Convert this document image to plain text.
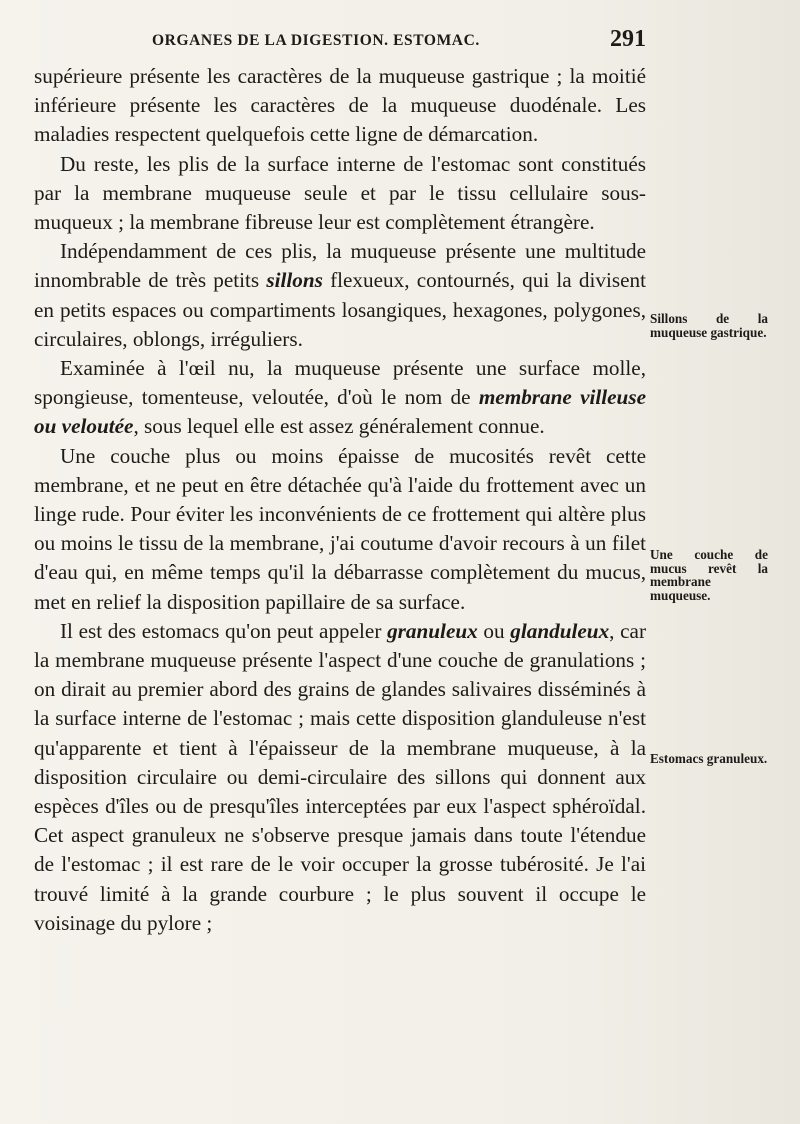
ORGANES DE LA DIGESTION. ESTOMAC.	291

supérieure présente les caractères de la muqueuse gastrique ; la moitié inférieure présente les caractères de la muqueuse duodénale. Les maladies respectent quelquefois cette ligne de démarcation.

Du reste, les plis de la surface interne de l'estomac sont constitués par la membrane muqueuse seule et par le tissu cellulaire sous-muqueux ; la membrane fibreuse leur est complètement étrangère.

Indépendamment de ces plis, la muqueuse présente une multitude innombrable de très petits sillons flexueux, contournés, qui la divisent en petits espaces ou compartiments losangiques, hexagones, polygones, circulaires, oblongs, irréguliers.

Examinée à l'œil nu, la muqueuse présente une surface molle, spongieuse, tomenteuse, veloutée, d'où le nom de membrane villeuse ou veloutée, sous lequel elle est assez généralement connue.

Une couche plus ou moins épaisse de mucosités revêt cette membrane, et ne peut en être détachée qu'à l'aide du frottement avec un linge rude. Pour éviter les inconvénients de ce frottement qui altère plus ou moins le tissu de la membrane, j'ai coutume d'avoir recours à un filet d'eau qui, en même temps qu'il la débarrasse complètement du mucus, met en relief la disposition papillaire de sa surface.

Il est des estomacs qu'on peut appeler granuleux ou glanduleux, car la membrane muqueuse présente l'aspect d'une couche de granulations ; on dirait au premier abord des grains de glandes salivaires disséminés à la surface interne de l'estomac ; mais cette disposition glanduleuse n'est qu'apparente et tient à l'épaisseur de la membrane muqueuse, à la disposition circulaire ou demi-circulaire des sillons qui donnent aux espèces d'îles ou de presqu'îles interceptées par eux l'aspect sphéroïdal. Cet aspect granuleux ne s'observe presque jamais dans toute l'étendue de l'estomac ; il est rare de le voir occuper la grosse tubérosité. Je l'ai trouvé limité à la grande courbure ; le plus souvent il occupe le voisinage du pylore ;

Sillons de la muqueuse gastrique.
Une couche de mucus revêt la membrane muqueuse.
Estomacs granuleux.
